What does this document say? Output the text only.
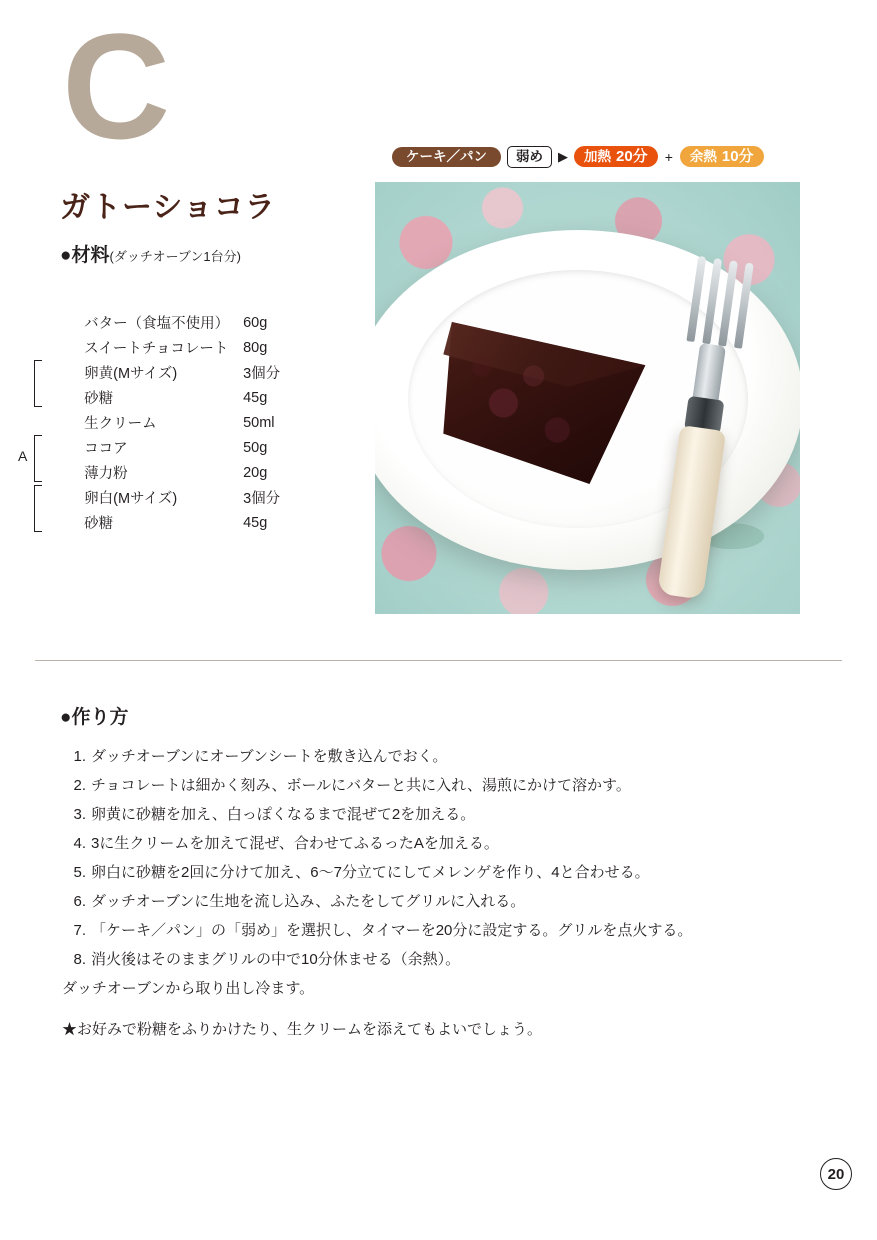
C
ガトーショコラ
●材料(ダッチオーブン1台分)
A
	バター（食塩不使用）	60g
	スイートチョコレート	80g
	卵黄(Mサイズ)	3個分
	砂糖	45g
	生クリーム	50ml
	ココア	50g
	薄力粉	20g
	卵白(Mサイズ)	3個分
	砂糖	45g
ケーキ／パン	弱め	▶ 加熱 20分 + 余熱 10分
●作り方
1. ダッチオーブンにオーブンシートを敷き込んでおく。
2. チョコレートは細かく刻み、ボールにバターと共に入れ、湯煎にかけて溶かす。
3. 卵黄に砂糖を加え、白っぽくなるまで混ぜて2を加える。
4. 3に生クリームを加えて混ぜ、合わせてふるったAを加える。
5. 卵白に砂糖を2回に分けて加え、6〜7分立てにしてメレンゲを作り、4と合わせる。
6. ダッチオーブンに生地を流し込み、ふたをしてグリルに入れる。
7. 「ケーキ／パン」の「弱め」を選択し、タイマーを20分に設定する。グリルを点火する。
8. 消火後はそのままグリルの中で10分休ませる（余熱）。
ダッチオーブンから取り出し冷ます。
★お好みで粉糖をふりかけたり、生クリームを添えてもよいでしょう。
20
